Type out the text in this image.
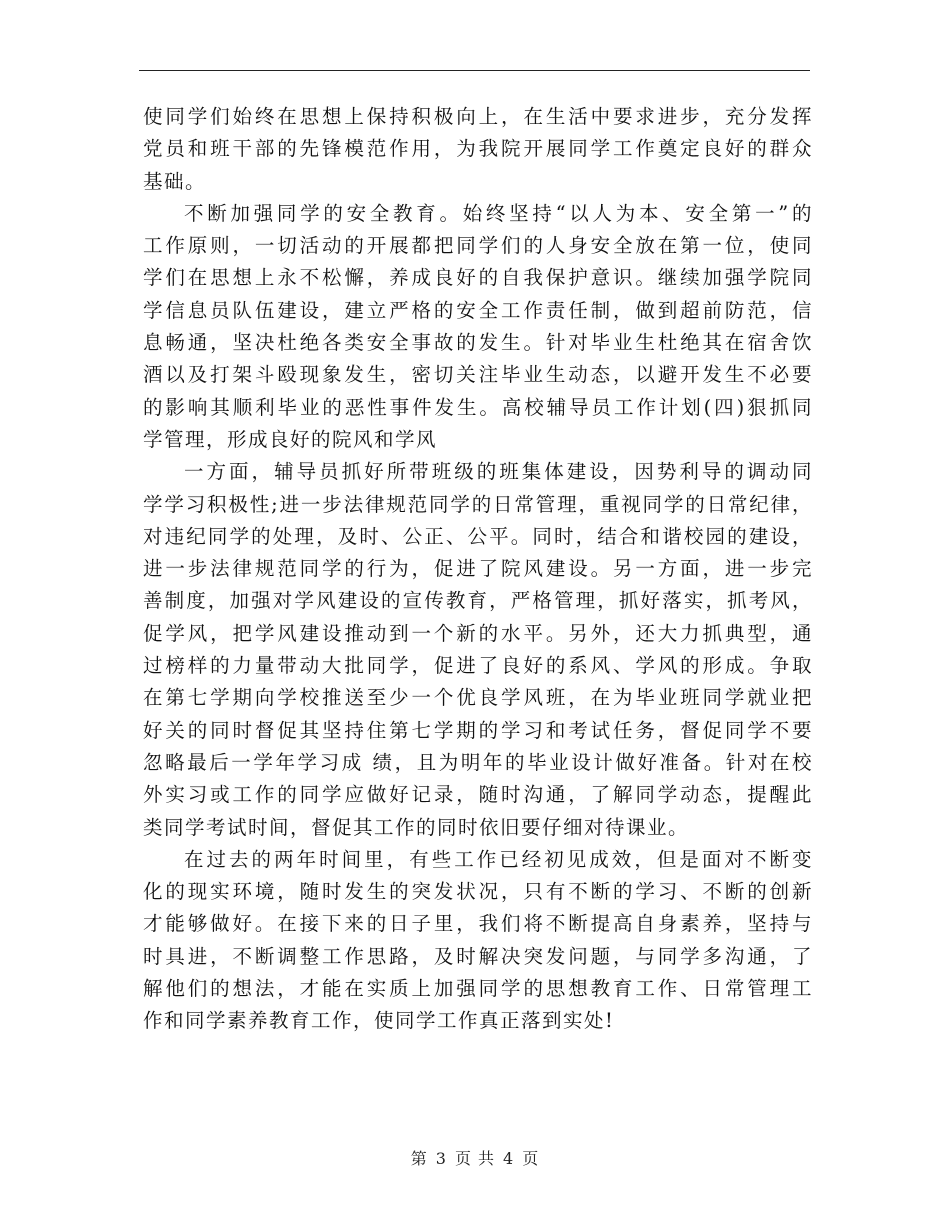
使同学们始终在思想上保持积极向上，在生活中要求进步，充分发挥
党员和班干部的先锋模范作用，为我院开展同学工作奠定良好的群众
基础。
不断加强同学的安全教育。始终坚持“以人为本、安全第一”的
工作原则，一切活动的开展都把同学们的人身安全放在第一位，使同
学们在思想上永不松懈，养成良好的自我保护意识。继续加强学院同
学信息员队伍建设，建立严格的安全工作责任制，做到超前防范，信
息畅通，坚决杜绝各类安全事故的发生。针对毕业生杜绝其在宿舍饮
酒以及打架斗殴现象发生，密切关注毕业生动态，以避开发生不必要
的影响其顺利毕业的恶性事件发生。高校辅导员工作计划(四)狠抓同
学管理，形成良好的院风和学风
一方面，辅导员抓好所带班级的班集体建设，因势利导的调动同
学学习积极性;进一步法律规范同学的日常管理，重视同学的日常纪律，
对违纪同学的处理，及时、公正、公平。同时，结合和谐校园的建设，
进一步法律规范同学的行为，促进了院风建设。另一方面，进一步完
善制度，加强对学风建设的宣传教育，严格管理，抓好落实，抓考风，
促学风，把学风建设推动到一个新的水平。另外，还大力抓典型，通
过榜样的力量带动大批同学，促进了良好的系风、学风的形成。争取
在第七学期向学校推送至少一个优良学风班，在为毕业班同学就业把
好关的同时督促其坚持住第七学期的学习和考试任务，督促同学不要
忽略最后一学年学习成 绩，且为明年的毕业设计做好准备。针对在校
外实习或工作的同学应做好记录，随时沟通，了解同学动态，提醒此
类同学考试时间，督促其工作的同时依旧要仔细对待课业。
在过去的两年时间里，有些工作已经初见成效，但是面对不断变
化的现实环境，随时发生的突发状况，只有不断的学习、不断的创新
才能够做好。在接下来的日子里，我们将不断提高自身素养，坚持与
时具进，不断调整工作思路，及时解决突发问题，与同学多沟通，了
解他们的想法，才能在实质上加强同学的思想教育工作、日常管理工
作和同学素养教育工作，使同学工作真正落到实处!
第 3 页 共 4 页
